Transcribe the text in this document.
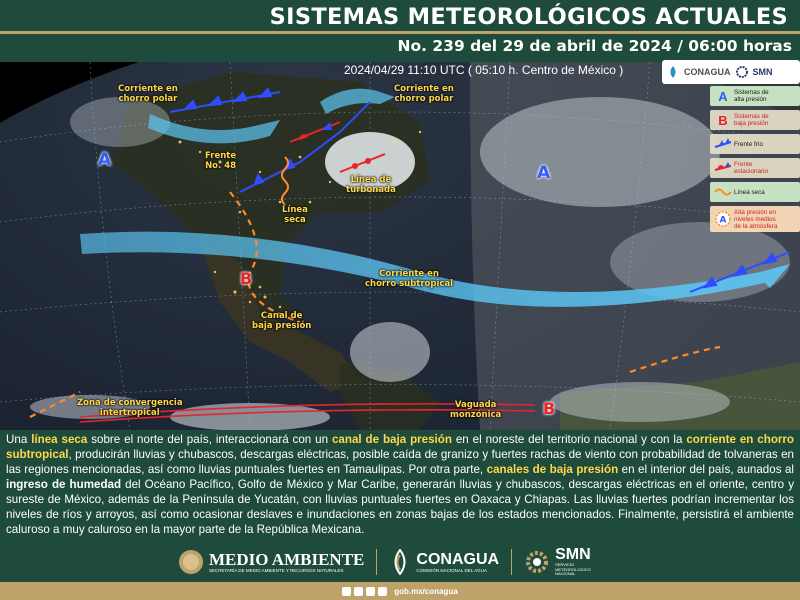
SISTEMAS METEOROLÓGICOS ACTUALES
No. 239 del 29 de abril de 2024 / 06:00 horas
2024/04/29 11:10 UTC ( 05:10 h. Centro de México )
Corriente en
chorro polar
Corriente en
chorro polar
Frente
No. 48
Línea de
turbonada
Línea
seca
Corriente en
chorro subtropical
Canal de
baja presión
Zona de convergencia
intertropical
Vaguada
monzónica
A
A
B
B
CONAGUA SMN
A Sistemas de
alta presión
B Sistemas de
baja presión
Frente frío
Frente
estacionario
Línea seca
A
Alta presión en
niveles medios
de la atmósfera
Una línea seca sobre el norte del país, interaccionará con un canal de baja presión en el noreste del territorio nacional y con la corriente en chorro subtropical, producirán lluvias y chubascos, descargas eléctricas, posible caída de granizo y fuertes rachas de viento con probabilidad de tolvaneras en las regiones mencionadas, así como lluvias puntuales fuertes en Tamaulipas. Por otra parte, canales de baja presión en el interior del país, aunados al ingreso de humedad del Océano Pacífico, Golfo de México y Mar Caribe, generarán lluvias y chubascos, descargas eléctricas en el oriente, centro y sureste de México, además de la Península de Yucatán, con lluvias puntuales fuertes en Oaxaca y Chiapas. Las lluvias fuertes podrían incrementar los niveles de ríos y arroyos, así como ocasionar deslaves e inundaciones en zonas bajas de los estados mencionados. Finalmente, persistirá el ambiente caluroso a muy caluroso en la mayor parte de la República Mexicana.
MEDIO AMBIENTE
SECRETARÍA DE MEDIO AMBIENTE Y RECURSOS NATURALES
CONAGUA
COMISIÓN NACIONAL DEL AGUA
SMN
SERVICIO
METEOROLÓGICO
NACIONAL
gob.mx/conagua
